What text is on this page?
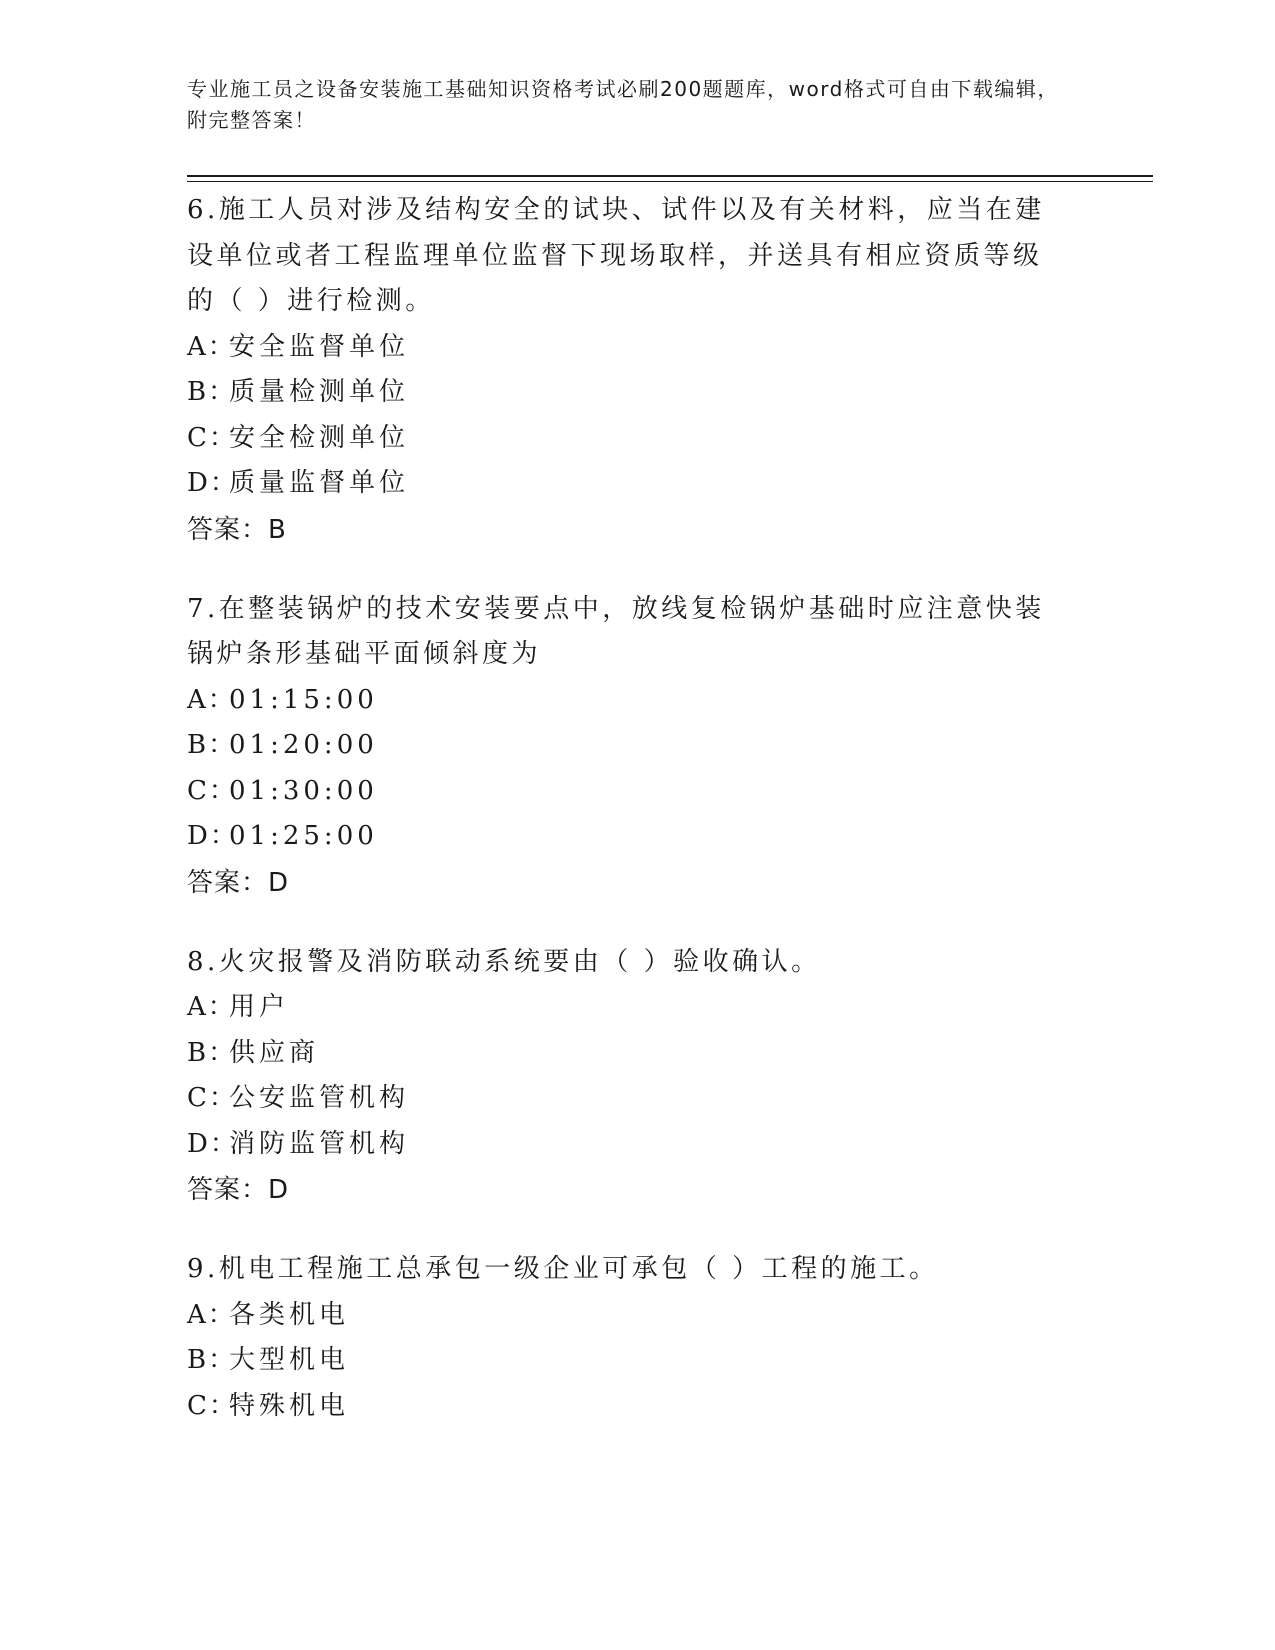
专业施工员之设备安装施工基础知识资格考试必刷200题题库，word格式可自由下载编辑，附完整答案！

6.施工人员对涉及结构安全的试块、试件以及有关材料，应当在建设单位或者工程监理单位监督下现场取样，并送具有相应资质等级的（ ）进行检测。

A：
安全监督单位
B：
质量检测单位
C：
安全检测单位
D：
质量监督单位

答案：B

7.在整装锅炉的技术安装要点中，放线复检锅炉基础时应注意快装锅炉条形基础平面倾斜度为

A：
01:15:00
B：
01:20:00
C：
01:30:00
D：
01:25:00

答案：D

8.火灾报警及消防联动系统要由（ ）验收确认。

A：
用户
B：
供应商
C：
公安监管机构
D：
消防监管机构

答案：D

9.机电工程施工总承包一级企业可承包（ ）工程的施工。

A：
各类机电
B：
大型机电
C：
特殊机电
